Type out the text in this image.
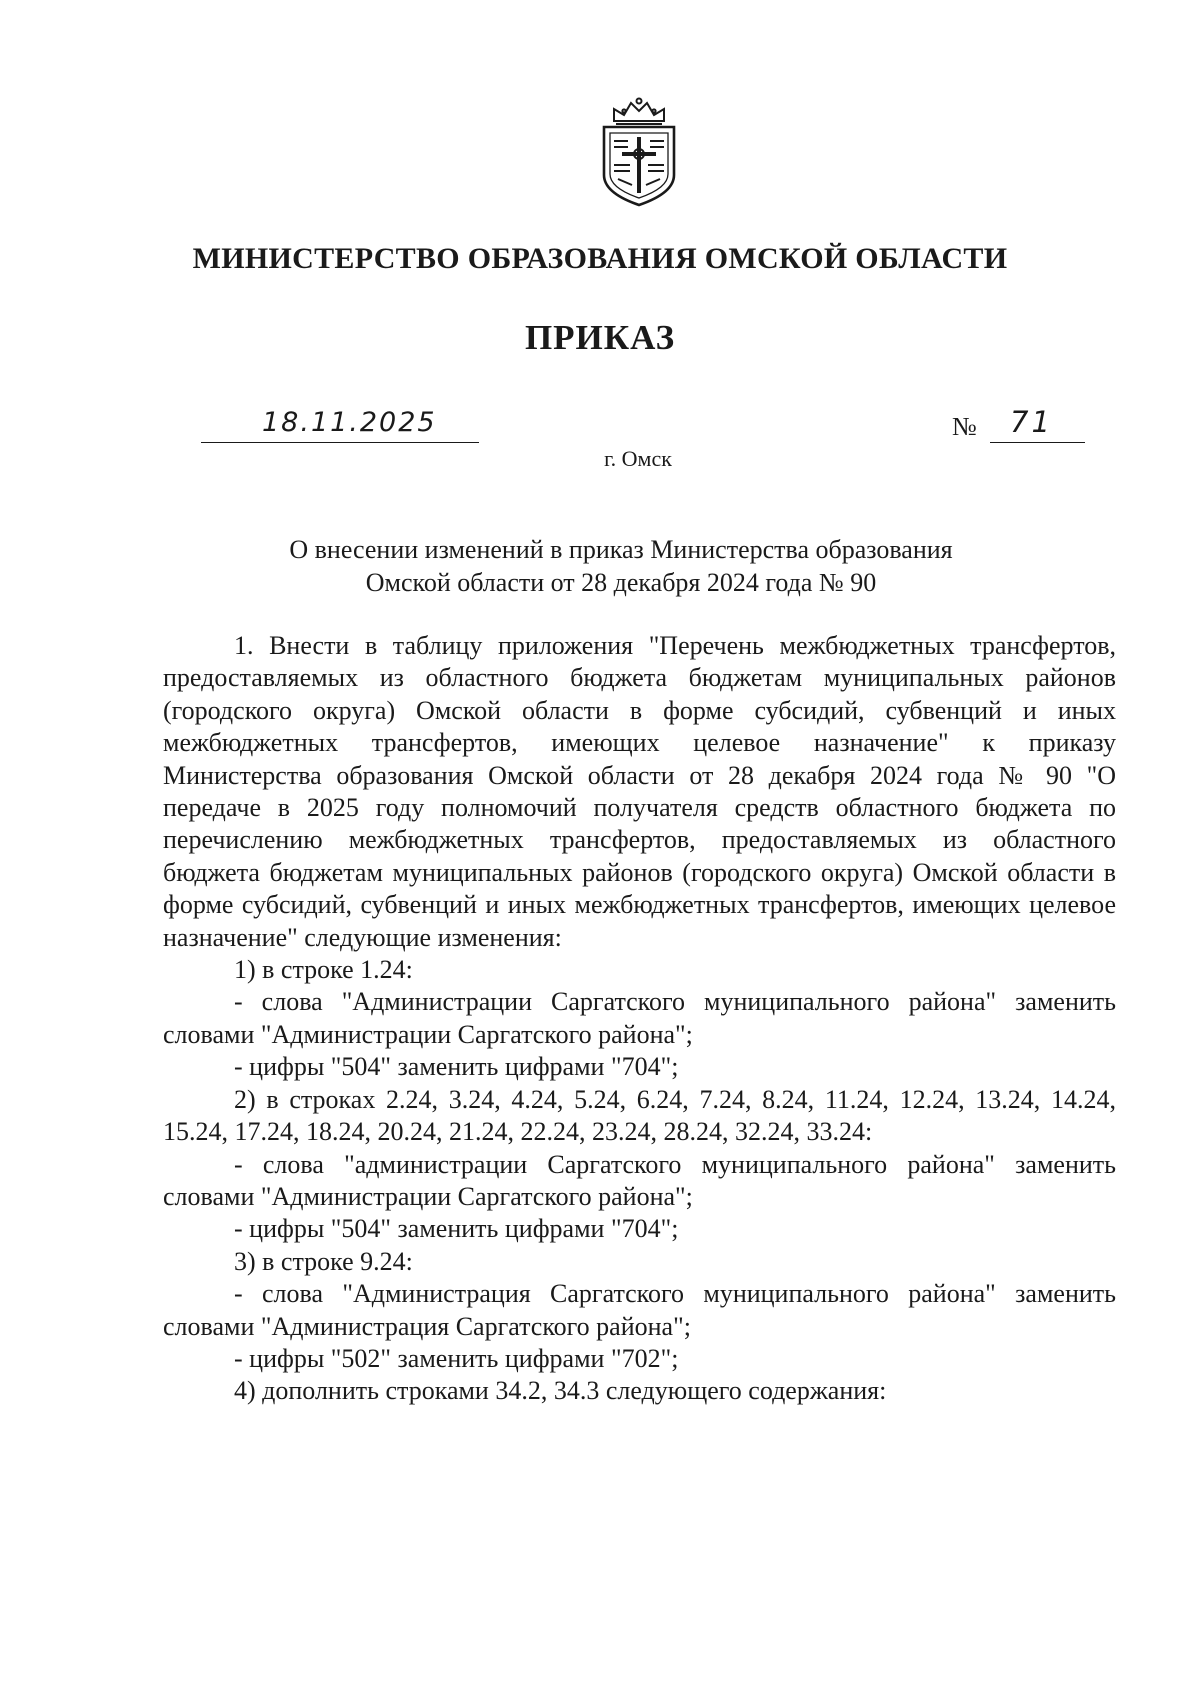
МИНИСТЕРСТВО ОБРАЗОВАНИЯ ОМСКОЙ ОБЛАСТИ
ПРИКАЗ
18.11.2025	№ 71
г. Омск
О внесении изменений в приказ Министерства образования
Омской области от 28 декабря 2024 года № 90

1. Внести в таблицу приложения "Перечень межбюджетных трансфертов, предоставляемых из областного бюджета бюджетам муниципальных районов (городского округа) Омской области в форме субсидий, субвенций и иных межбюджетных трансфертов, имеющих целевое назначение" к приказу Министерства образования Омской области от 28 декабря 2024 года № 90 "О передаче в 2025 году полномочий получателя средств областного бюджета по перечислению межбюджетных трансфертов, предоставляемых из областного бюджета бюджетам муниципальных районов (городского округа) Омской области в форме субсидий, субвенций и иных межбюджетных трансфертов, имеющих целевое назначение" следующие изменения:

1) в строке 1.24:

- слова "Администрации Саргатского муниципального района" заменить словами "Администрации Саргатского района";

- цифры "504" заменить цифрами "704";

2) в строках 2.24, 3.24, 4.24, 5.24, 6.24, 7.24, 8.24, 11.24, 12.24, 13.24, 14.24, 15.24, 17.24, 18.24, 20.24, 21.24, 22.24, 23.24, 28.24, 32.24, 33.24:

- слова "администрации Саргатского муниципального района" заменить словами "Администрации Саргатского района";

- цифры "504" заменить цифрами "704";

3) в строке 9.24:

- слова "Администрация Саргатского муниципального района" заменить словами "Администрация Саргатского района";

- цифры "502" заменить цифрами "702";

4) дополнить строками 34.2, 34.3 следующего содержания:
